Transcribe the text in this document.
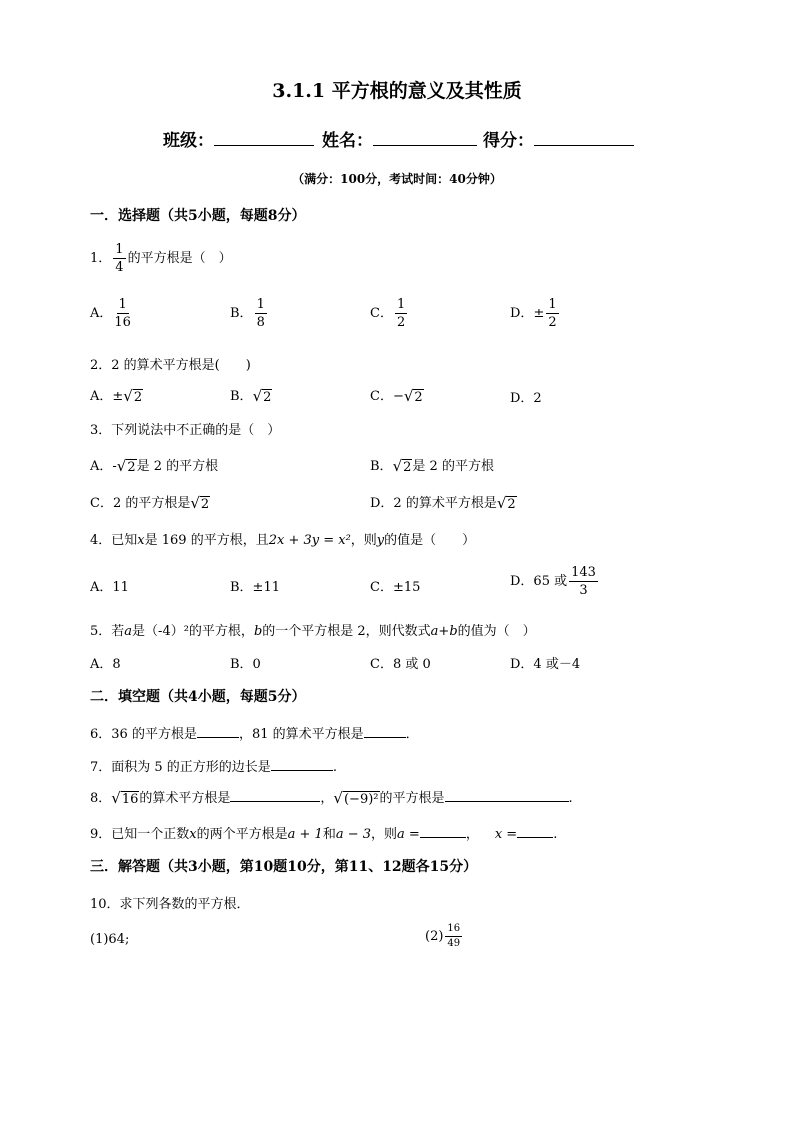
3.1.1 平方根的意义及其性质
班级：	姓名：	得分：
（满分：100分，考试时间：40分钟）
一．选择题（共5小题，每题8分）
1． $\frac{1}{4}$ 的平方根是（　）
A． $\frac{1}{16}$	B． $\frac{1}{8}$	C． $\frac{1}{2}$	D．± $\frac{1}{2}$
2．2 的算术平方根是(　　)
A．± √ 2	B． √ 2	C．− √ 2	D．2
3．下列说法中不正确的是（　）
A．- √ 2 是 2 的平方根	B． √ 2 是 2 的平方根
C．2 的平方根是 √ 2	D．2 的算术平方根是 √ 2
4．已知x是 169 的平方根，且2x + 3y = x²，则y的值是（　　）
A．11	B．±11	C．±15	D．65 或 $\frac{143}{3}$
5．若a是（-4）²的平方根，b的一个平方根是 2，则代数式a+b的值为（　）
A．8	B．0	C．8 或 0	D．4 或－4
二．填空题（共4小题，每题5分）
6．36 的平方根是	，81 的算术平方根是	．
7．面积为 5 的正方形的边长是	.
8． √ 16 的算术平方根是	， √ (−9)² 的平方根是	.
9．已知一个正数x的两个平方根是a + 1和a − 3，则a =	， x =	.
三．解答题（共3小题，第10题10分，第11、12题各15分）
10．求下列各数的平方根．
(1)64;	$(2) \frac{16}{49}$
